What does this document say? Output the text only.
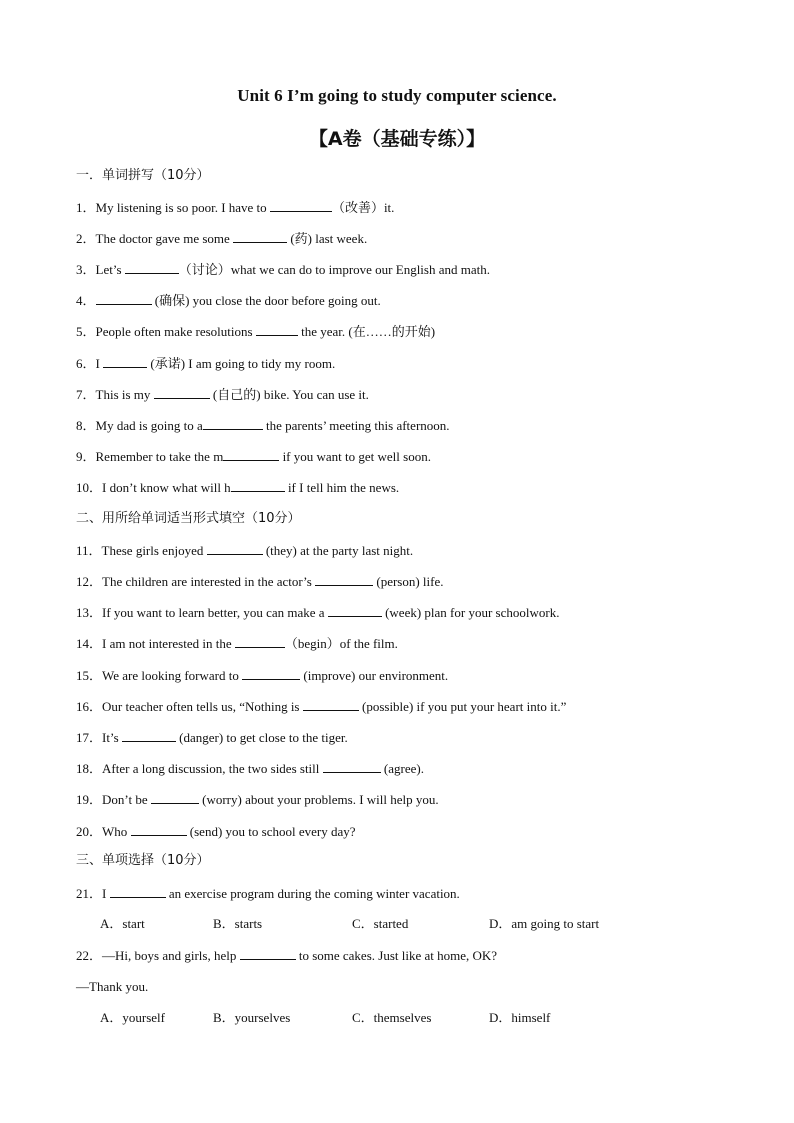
Unit 6 I’m going to study computer science.
【A卷（基础专练）】
一．单词拼写（10分）
1．My listening is so poor. I have to	（改善）it.
2．The doctor gave me some	(药) last week.
3．Let’s	（讨论）what we can do to improve our English and math.
4．	(确保) you close the door before going out.
5．People often make resolutions	the year. (在……的开始)
6．I	(承诺) I am going to tidy my room.
7．This is my	(自己的) bike. You can use it.
8．My dad is going to a	the parents’ meeting this afternoon.
9．Remember to take the m	if you want to get well soon.
10．I don’t know what will h	if I tell him the news.
11．These girls enjoyed	(they) at the party last night.
12．The children are interested in the actor’s	(person) life.
13．If you want to learn better, you can make a	(week) plan for your schoolwork.
14．I am not interested in the	（begin）of the film.
15．We are looking forward to	(improve) our environment.
16．Our teacher often tells us, “Nothing is	(possible) if you put your heart into it.”
17．It’s	(danger) to get close to the tiger.
18．After a long discussion, the two sides still	(agree).
19．Don’t be	(worry) about your problems. I will help you.
20．Who	(send) you to school every day?
21．I	an exercise program during the coming winter vacation.
22．—Hi, boys and girls, help	to some cakes. Just like at home, OK?
二、用所给单词适当形式填空（10分）
三、单项选择（10分）
—Thank you.
A．start	B．starts	C．started	D．am going to start
A．yourself	B．yourselves	C．themselves	D．himself
